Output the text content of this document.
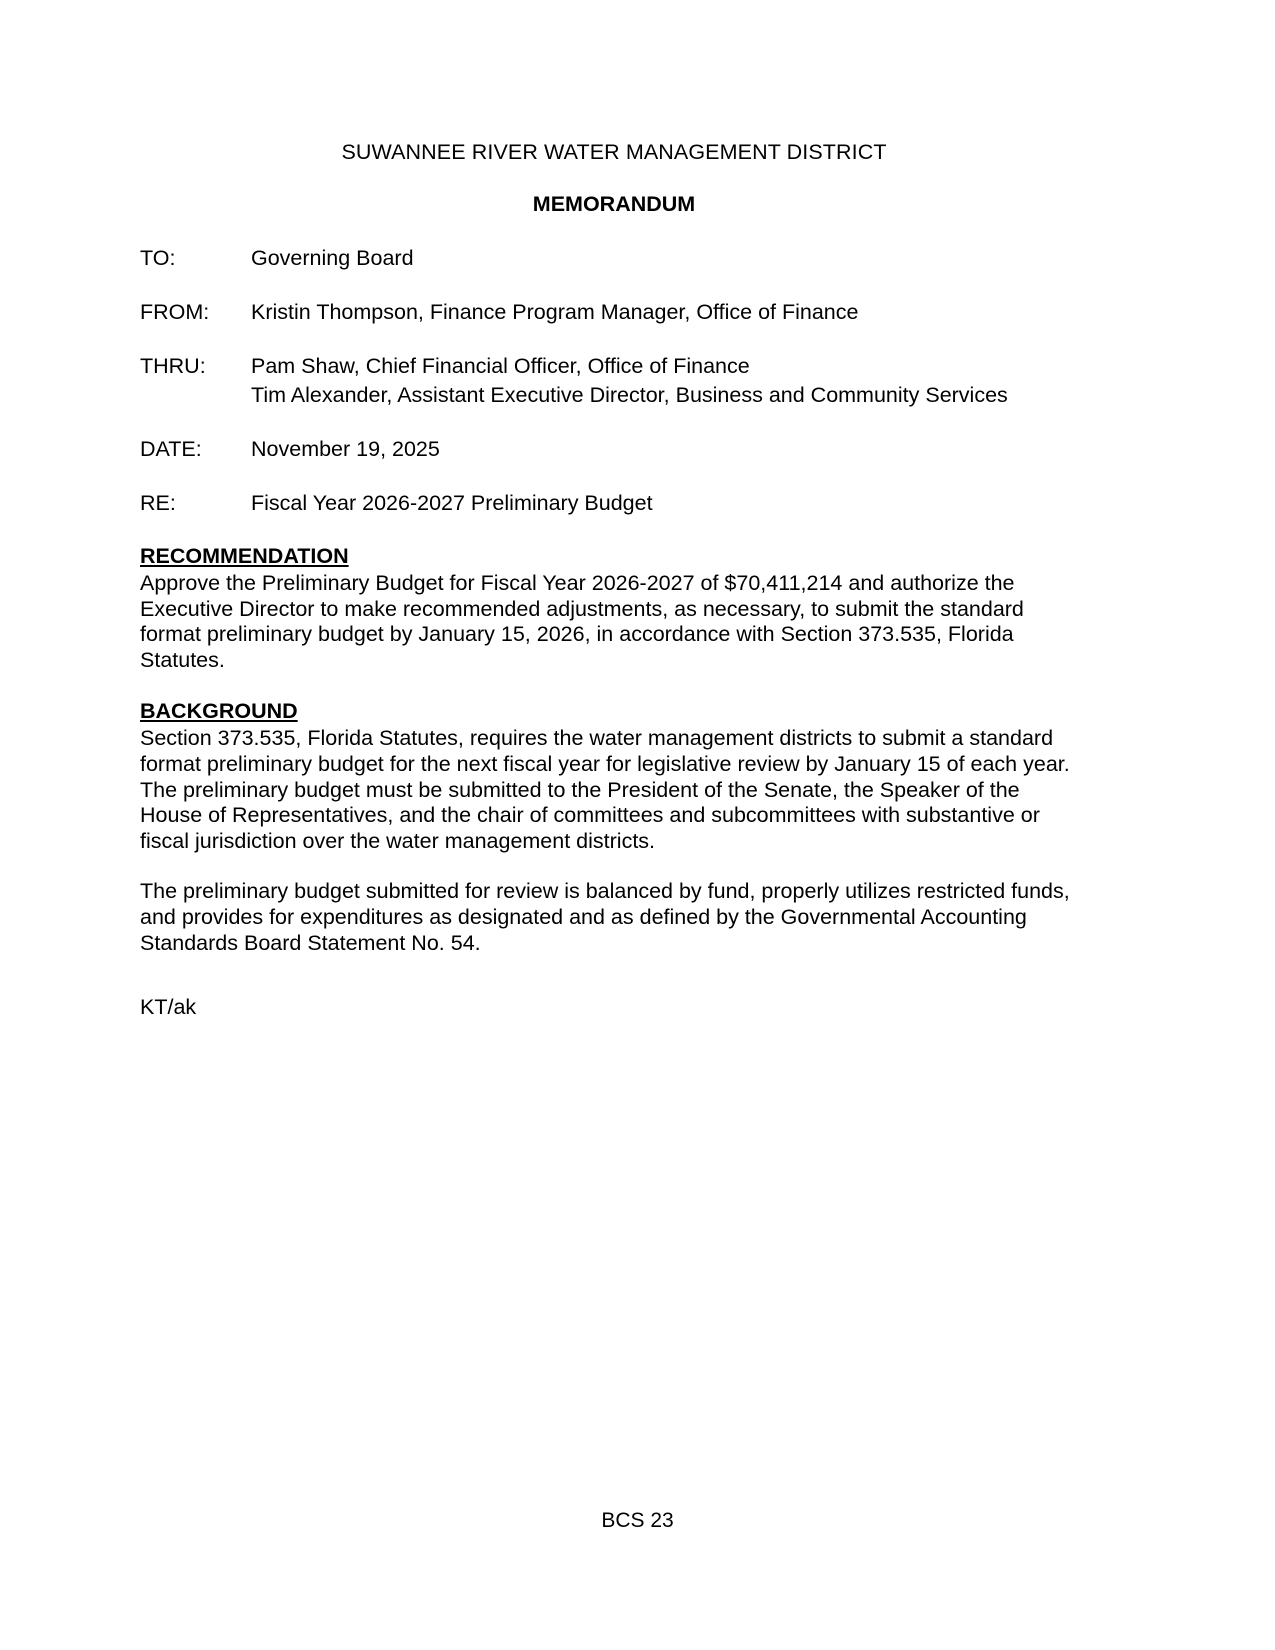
SUWANNEE RIVER WATER MANAGEMENT DISTRICT
MEMORANDUM
TO:	Governing Board
FROM:	Kristin Thompson, Finance Program Manager, Office of Finance
THRU:	Pam Shaw, Chief Financial Officer, Office of Finance
Tim Alexander, Assistant Executive Director, Business and Community Services
DATE:	November 19, 2025
RE:	Fiscal Year 2026-2027 Preliminary Budget
RECOMMENDATION

Approve the Preliminary Budget for Fiscal Year 2026-2027 of $70,411,214 and authorize the Executive Director to make recommended adjustments, as necessary, to submit the standard format preliminary budget by January 15, 2026, in accordance with Section 373.535, Florida Statutes.

BACKGROUND

Section 373.535, Florida Statutes, requires the water management districts to submit a standard format preliminary budget for the next fiscal year for legislative review by January 15 of each year. The preliminary budget must be submitted to the President of the Senate, the Speaker of the House of Representatives, and the chair of committees and subcommittees with substantive or fiscal jurisdiction over the water management districts.

The preliminary budget submitted for review is balanced by fund, properly utilizes restricted funds, and provides for expenditures as designated and as defined by the Governmental Accounting Standards Board Statement No. 54.

KT/ak
BCS 23
